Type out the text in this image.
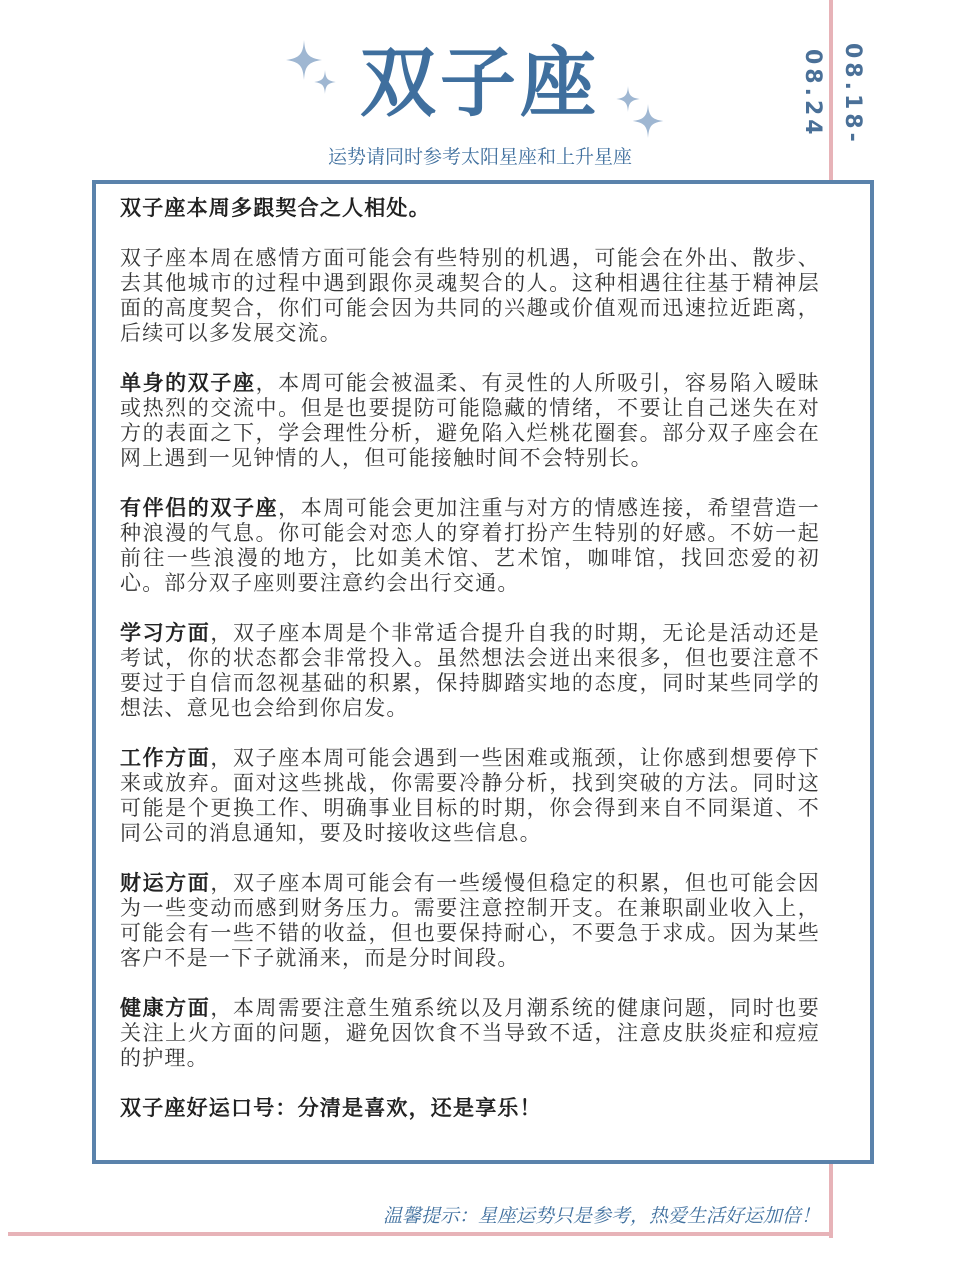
08.18-08.24
双子座
运势请同时参考太阳星座和上升星座

双子座本周多跟契合之人相处。

双子座本周在感情方面可能会有些特别的机遇，可能会在外出、散步、去其他城市的过程中遇到跟你灵魂契合的人。这种相遇往往基于精神层面的高度契合，你们可能会因为共同的兴趣或价值观而迅速拉近距离，后续可以多发展交流。

单身的双子座，本周可能会被温柔、有灵性的人所吸引，容易陷入暧昧或热烈的交流中。但是也要提防可能隐藏的情绪，不要让自己迷失在对方的表面之下，学会理性分析，避免陷入烂桃花圈套。部分双子座会在网上遇到一见钟情的人，但可能接触时间不会特别长。

有伴侣的双子座，本周可能会更加注重与对方的情感连接，希望营造一种浪漫的气息。你可能会对恋人的穿着打扮产生特别的好感。不妨一起前往一些浪漫的地方，比如美术馆、艺术馆，咖啡馆，找回恋爱的初心。部分双子座则要注意约会出行交通。

学习方面，双子座本周是个非常适合提升自我的时期，无论是活动还是考试，你的状态都会非常投入。虽然想法会迸出来很多，但也要注意不要过于自信而忽视基础的积累，保持脚踏实地的态度，同时某些同学的想法、意见也会给到你启发。

工作方面，双子座本周可能会遇到一些困难或瓶颈，让你感到想要停下来或放弃。面对这些挑战，你需要冷静分析，找到突破的方法。同时这可能是个更换工作、明确事业目标的时期，你会得到来自不同渠道、不同公司的消息通知，要及时接收这些信息。

财运方面，双子座本周可能会有一些缓慢但稳定的积累，但也可能会因为一些变动而感到财务压力。需要注意控制开支。在兼职副业收入上，可能会有一些不错的收益，但也要保持耐心，不要急于求成。因为某些客户不是一下子就涌来，而是分时间段。

健康方面，本周需要注意生殖系统以及月潮系统的健康问题，同时也要关注上火方面的问题，避免因饮食不当导致不适，注意皮肤炎症和痘痘的护理。

双子座好运口号：分清是喜欢，还是享乐！

温馨提示：星座运势只是参考，热爱生活好运加倍！
